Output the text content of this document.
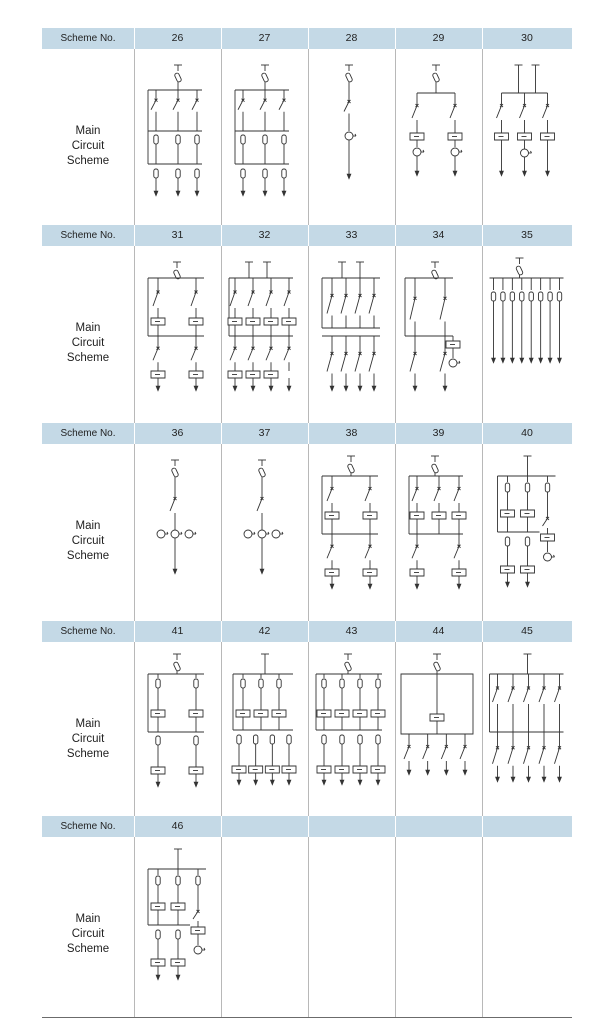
Scheme No.	26	27	28	29	30
Main Circuit Scheme
Scheme No.	31	32	33	34	35
Main Circuit Scheme
Scheme No.	36	37	38	39	40
Main Circuit Scheme
Scheme No.	41	42	43	44	45
Main Circuit Scheme
Scheme No.	46
Main Circuit Scheme
